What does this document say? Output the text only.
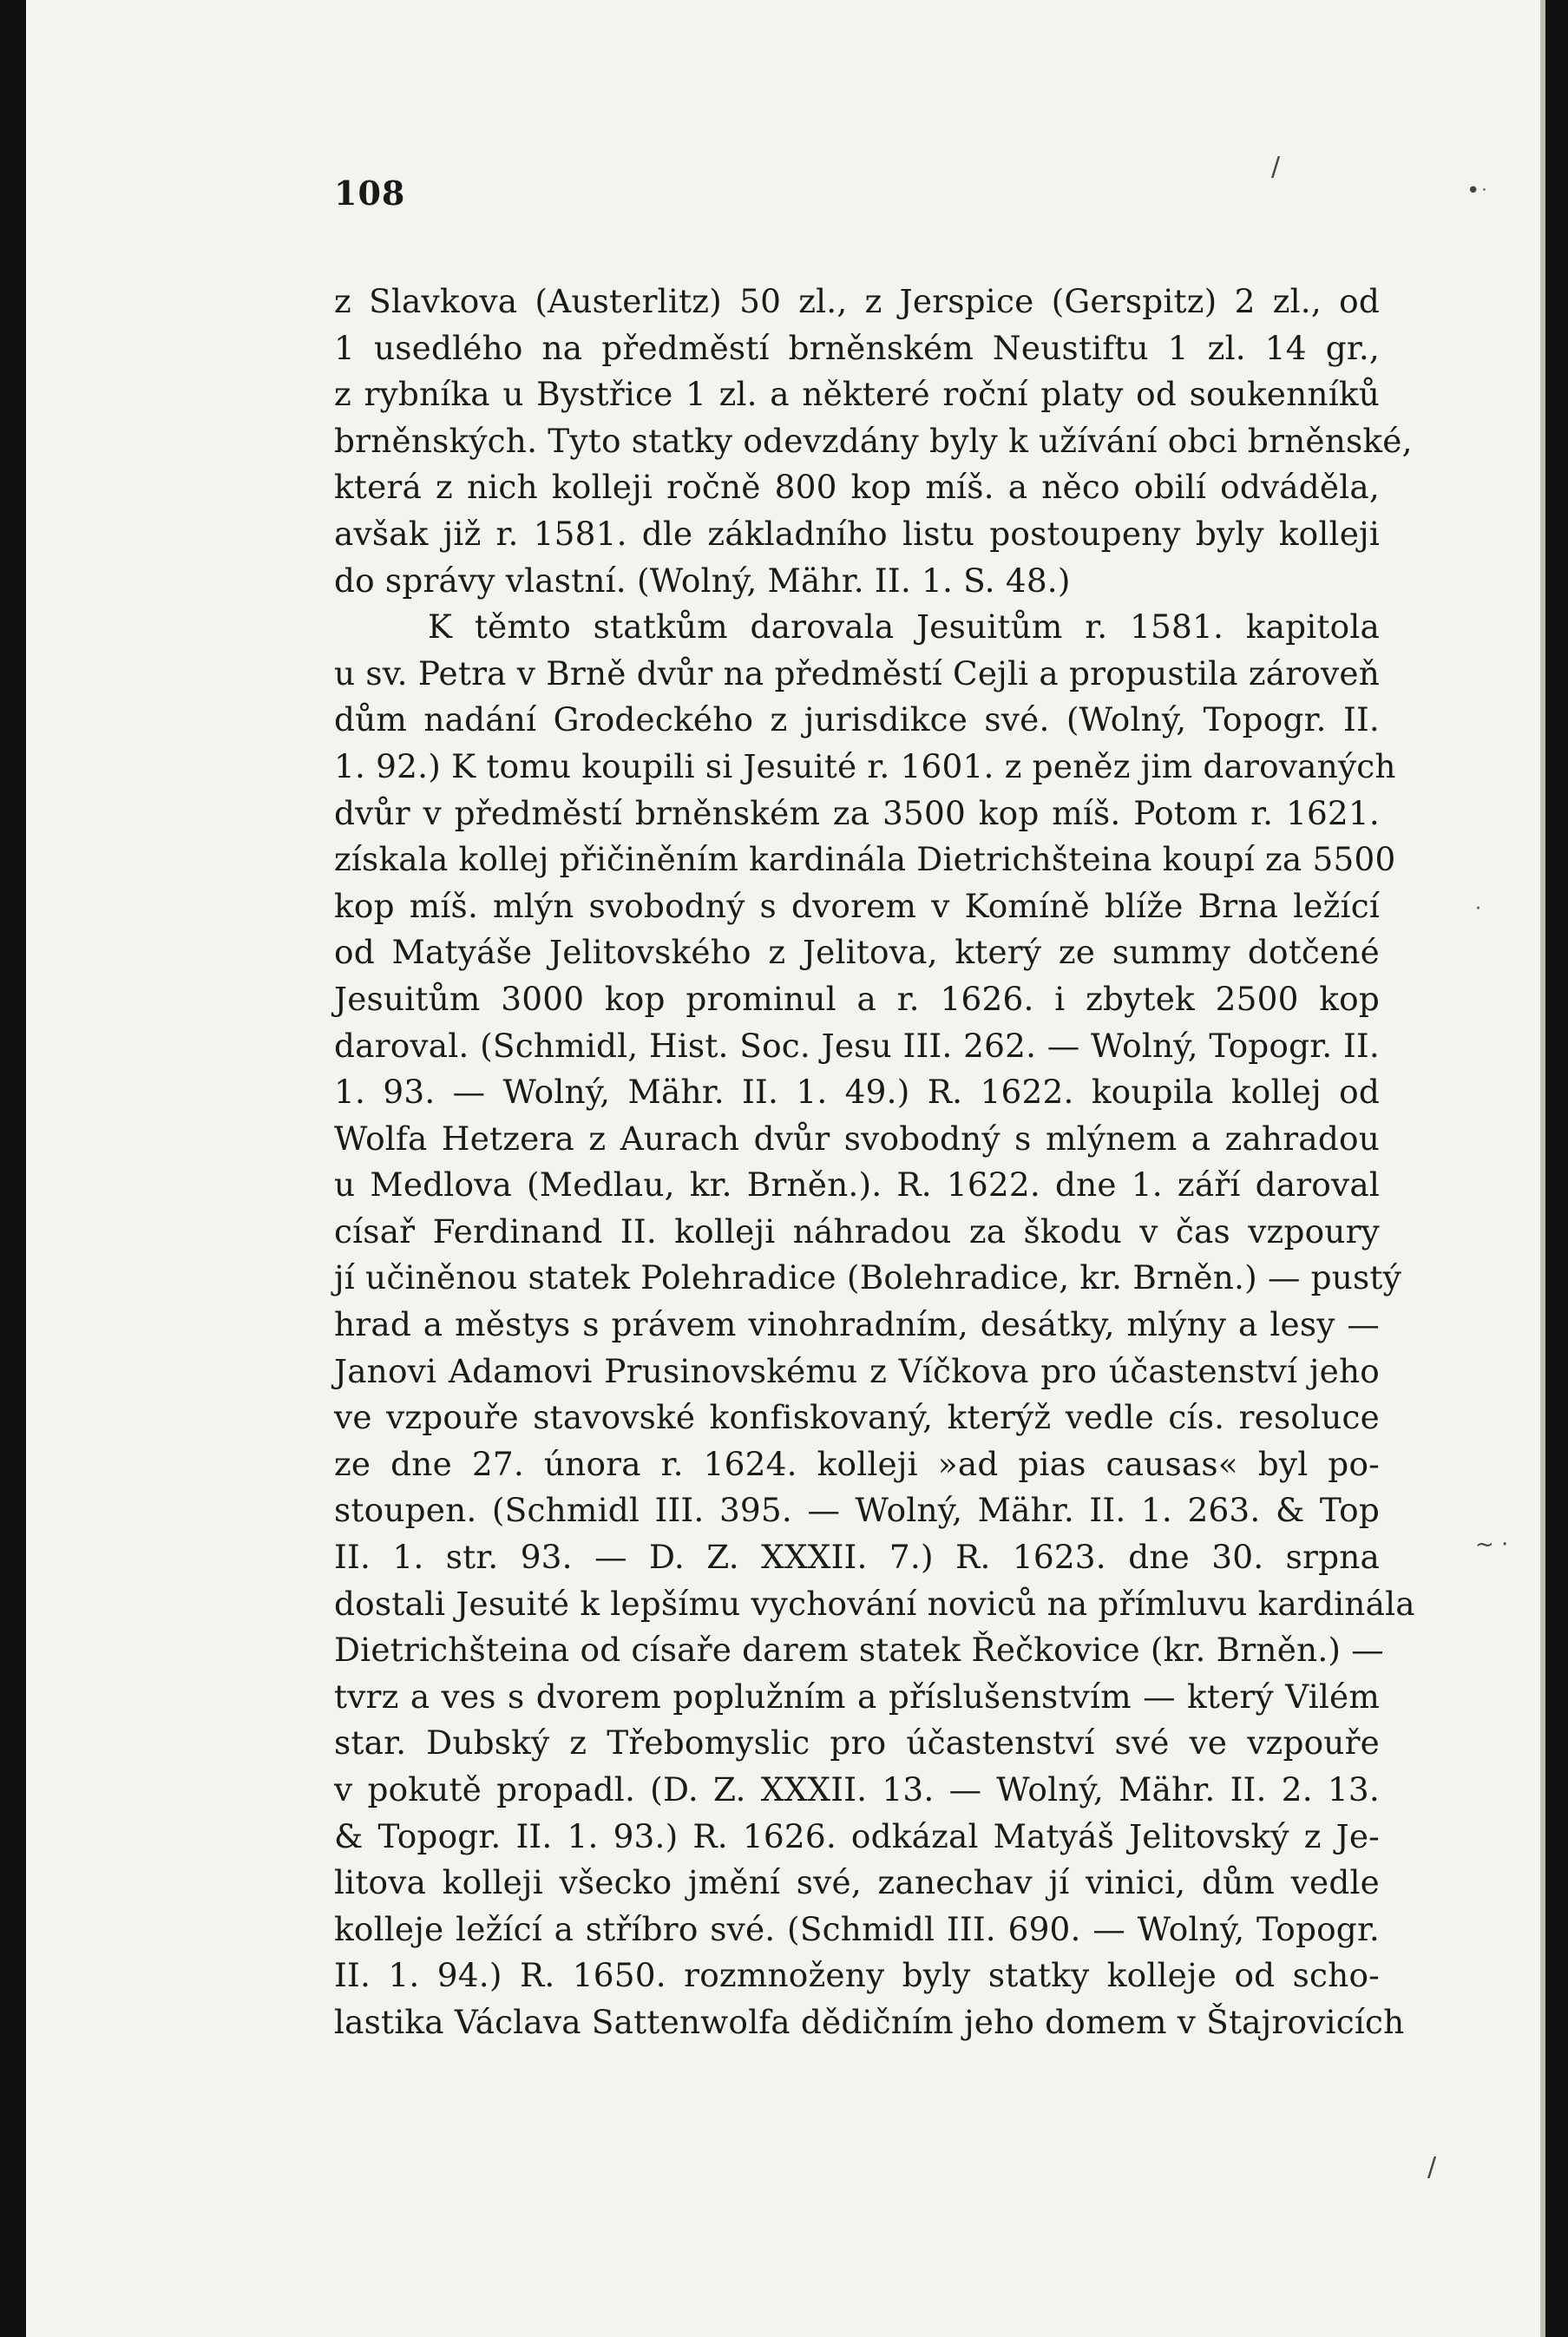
/
• ˙
·
~ ·
/
108

z Slavkova (Austerlitz) 50 zl., z Jerspice (Gerspitz) 2 zl., od
1 usedlého na předměstí brněnském Neustiftu 1 zl. 14 gr.,
z rybníka u Bystřice 1 zl. a některé roční platy od soukenníků
brněnských. Tyto statky odevzdány byly k užívání obci brněnské,
která z nich kolleji ročně 800 kop míš. a něco obilí odváděla,
avšak již r. 1581. dle základního listu postoupeny byly kolleji
do správy vlastní. (Wolný, Mähr. II. 1. S. 48.)
K těmto statkům darovala Jesuitům r. 1581. kapitola
u sv. Petra v Brně dvůr na předměstí Cejli a propustila zároveň
dům nadání Grodeckého z jurisdikce své. (Wolný, Topogr. II.
1. 92.) K tomu koupili si Jesuité r. 1601. z peněz jim darovaných
dvůr v předměstí brněnském za 3500 kop míš. Potom r. 1621.
získala kollej přičiněním kardinála Dietrichšteina koupí za 5500
kop míš. mlýn svobodný s dvorem v Komíně blíže Brna ležící
od Matyáše Jelitovského z Jelitova, který ze summy dotčené
Jesuitům 3000 kop prominul a r. 1626. i zbytek 2500 kop
daroval. (Schmidl, Hist. Soc. Jesu III. 262. — Wolný, Topogr. II.
1. 93. — Wolný, Mähr. II. 1. 49.) R. 1622. koupila kollej od
Wolfa Hetzera z Aurach dvůr svobodný s mlýnem a zahradou
u Medlova (Medlau, kr. Brněn.). R. 1622. dne 1. září daroval
císař Ferdinand II. kolleji náhradou za škodu v čas vzpoury
jí učiněnou statek Polehradice (Bolehradice, kr. Brněn.) — pustý
hrad a městys s právem vinohradním, desátky, mlýny a lesy —
Janovi Adamovi Prusinovskému z Víčkova pro účastenství jeho
ve vzpouře stavovské konfiskovaný, kterýž vedle cís. resoluce
ze dne 27. února r. 1624. kolleji »ad pias causas« byl po-
stoupen. (Schmidl III. 395. — Wolný, Mähr. II. 1. 263. & Top
II. 1. str. 93. — D. Z. XXXII. 7.) R. 1623. dne 30. srpna
dostali Jesuité k lepšímu vychování noviců na přímluvu kardinála
Dietrichšteina od císaře darem statek Řečkovice (kr. Brněn.) —
tvrz a ves s dvorem poplužním a příslušenstvím — který Vilém
star. Dubský z Třebomyslic pro účastenství své ve vzpouře
v pokutě propadl. (D. Z. XXXII. 13. — Wolný, Mähr. II. 2. 13.
& Topogr. II. 1. 93.) R. 1626. odkázal Matyáš Jelitovský z Je-
litova kolleji všecko jmění své, zanechav jí vinici, dům vedle
kolleje ležící a stříbro své. (Schmidl III. 690. — Wolný, Topogr.
II. 1. 94.) R. 1650. rozmnoženy byly statky kolleje od scho-
lastika Václava Sattenwolfa dědičním jeho domem v Štajrovicích
